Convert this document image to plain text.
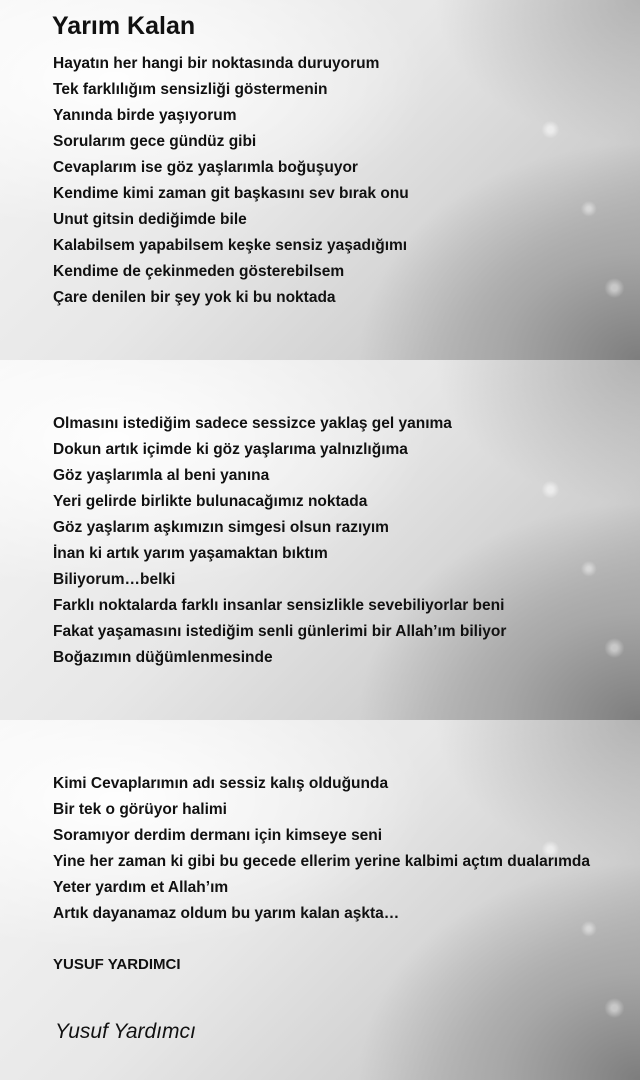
Yarım Kalan
Hayatın her hangi bir noktasında duruyorum
Tek farklılığım sensizliği göstermenin
Yanında birde yaşıyorum
Sorularım gece gündüz gibi
Cevaplarım ise göz yaşlarımla boğuşuyor
Kendime kimi zaman git başkasını sev bırak onu
Unut gitsin dediğimde bile
Kalabilsem yapabilsem keşke sensiz yaşadığımı
Kendime de çekinmeden gösterebilsem
Çare denilen bir şey yok ki bu noktada
Olmasını istediğim sadece sessizce yaklaş gel yanıma
Dokun artık içimde ki göz yaşlarıma yalnızlığıma
Göz yaşlarımla al beni yanına
Yeri gelirde birlikte bulunacağımız noktada
Göz yaşlarım aşkımızın simgesi olsun razıyım
İnan ki artık yarım yaşamaktan bıktım
Biliyorum…belki
Farklı noktalarda farklı insanlar sensizlikle sevebiliyorlar beni
Fakat yaşamasını istediğim senli günlerimi bir Allah’ım biliyor
Boğazımın düğümlenmesinde
Kimi Cevaplarımın adı sessiz kalış olduğunda
Bir tek o görüyor halimi
Soramıyor derdim dermanı için kimseye seni
Yine her zaman ki gibi bu gecede ellerim yerine kalbimi açtım dualarımda
Yeter yardım et Allah’ım
Artık dayanamaz oldum bu yarım kalan aşkta…

YUSUF YARDIMCI

Yusuf Yardımcı
